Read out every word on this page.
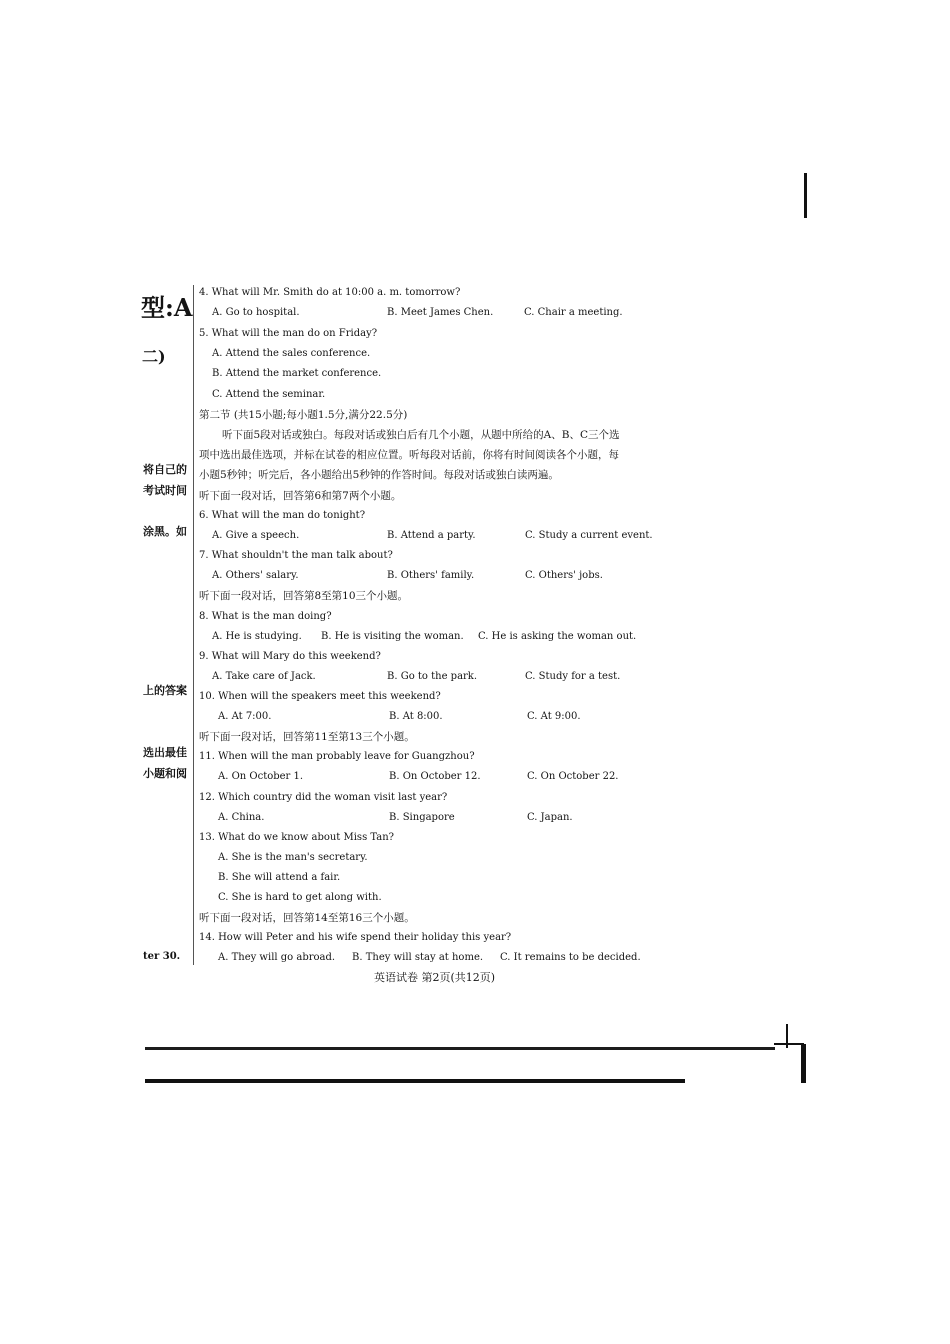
型:A
二)
将自己的
考试时间
涂黑。如
上的答案
选出最佳
小题和阅
ter 30.
4. What will Mr. Smith do at 10:00 a. m. tomorrow?
A. Go to hospital.	B. Meet James Chen.	C. Chair a meeting.
5. What will the man do on Friday?
A. Attend the sales conference.
B. Attend the market conference.
C. Attend the seminar.
第二节 (共15小题;每小题1.5分,满分22.5分)
听下面5段对话或独白。每段对话或独白后有几个小题，从题中所给的A、B、C三个选
项中选出最佳选项，并标在试卷的相应位置。听每段对话前，你将有时间阅读各个小题，每
小题5秒钟；听完后，各小题给出5秒钟的作答时间。每段对话或独白读两遍。
听下面一段对话，回答第6和第7两个小题。
6. What will the man do tonight?
A. Give a speech.	B. Attend a party.	C. Study a current event.
7. What shouldn't the man talk about?
A. Others' salary.	B. Others' family.	C. Others' jobs.
听下面一段对话，回答第8至第10三个小题。
8. What is the man doing?
A. He is studying. B. He is visiting the woman. C. He is asking the woman out.
9. What will Mary do this weekend?
A. Take care of Jack.	B. Go to the park.	C. Study for a test.
10. When will the speakers meet this weekend?
A. At 7:00.	B. At 8:00.	C. At 9:00.
听下面一段对话，回答第11至第13三个小题。
11. When will the man probably leave for Guangzhou?
A. On October 1.	B. On October 12.	C. On October 22.
12. Which country did the woman visit last year?
A. China.	B. Singapore	C. Japan.
13. What do we know about Miss Tan?
A. She is the man's secretary.
B. She will attend a fair.
C. She is hard to get along with.
听下面一段对话，回答第14至第16三个小题。
14. How will Peter and his wife spend their holiday this year?
A. They will go abroad. B. They will stay at home. C. It remains to be decided.
英语试卷 第2页(共12页)
